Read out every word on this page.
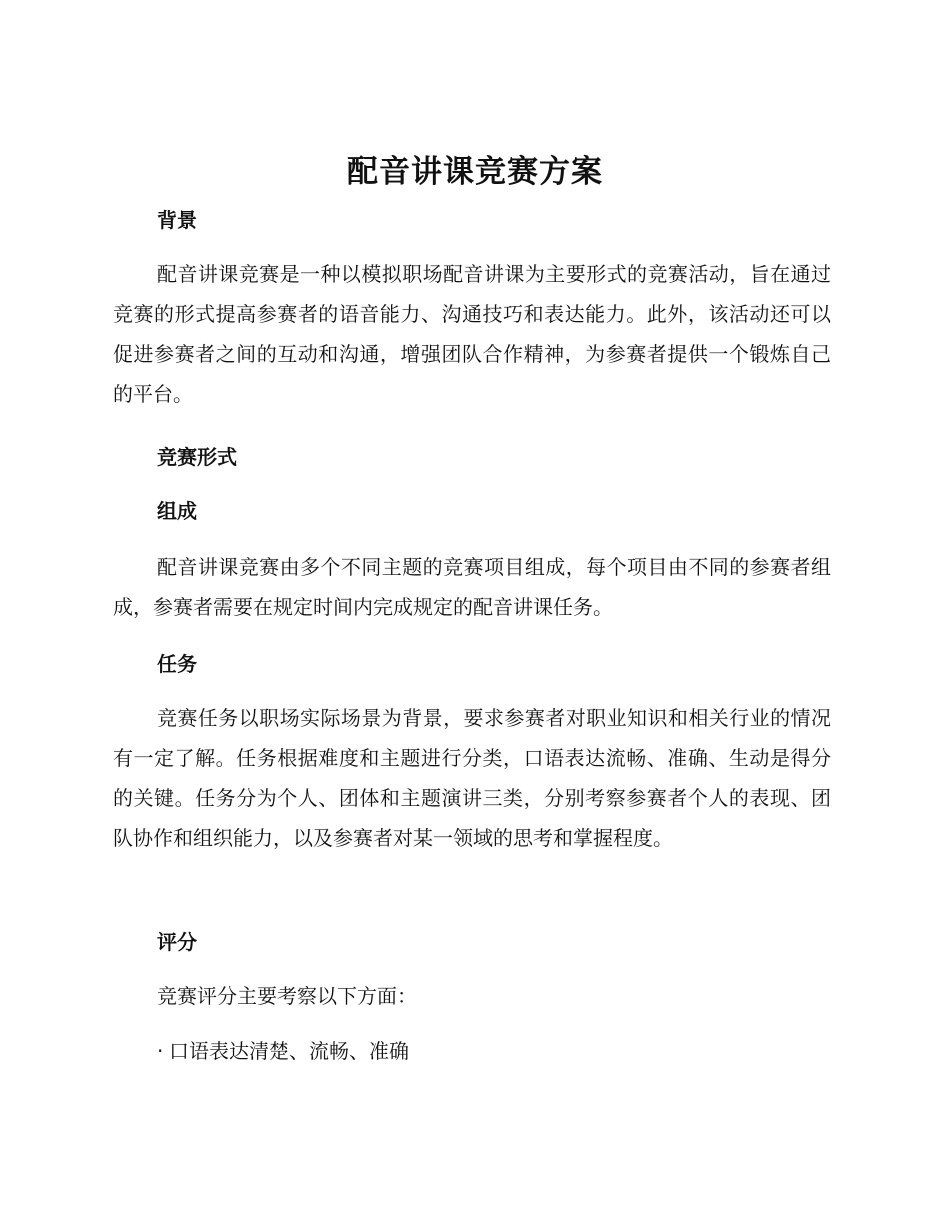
配音讲课竞赛方案
背景

配音讲课竞赛是一种以模拟职场配音讲课为主要形式的竞赛活动，旨在通过竞赛的形式提高参赛者的语音能力、沟通技巧和表达能力。此外，该活动还可以促进参赛者之间的互动和沟通，增强团队合作精神，为参赛者提供一个锻炼自己的平台。

竞赛形式
组成

配音讲课竞赛由多个不同主题的竞赛项目组成，每个项目由不同的参赛者组成，参赛者需要在规定时间内完成规定的配音讲课任务。

任务

竞赛任务以职场实际场景为背景，要求参赛者对职业知识和相关行业的情况有一定了解。任务根据难度和主题进行分类，口语表达流畅、准确、生动是得分的关键。任务分为个人、团体和主题演讲三类，分别考察参赛者个人的表现、团队协作和组织能力，以及参赛者对某一领域的思考和掌握程度。

评分

竞赛评分主要考察以下方面：

· 口语表达清楚、流畅、准确
